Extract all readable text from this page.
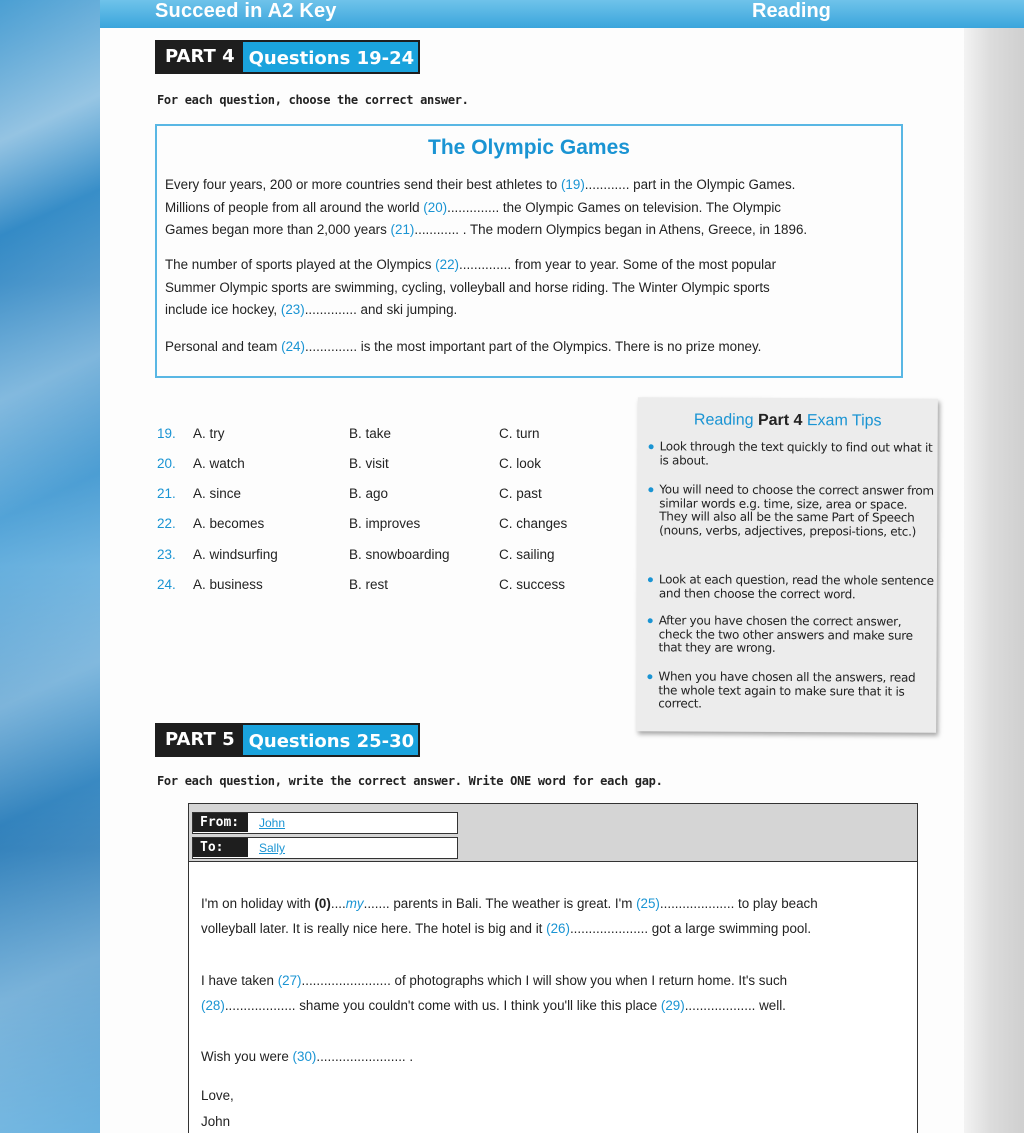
Succeed in A2 Key	Reading
PART 4 Questions 19-24
For each question, choose the correct answer.
The Olympic Games
Every four years, 200 or more countries send their best athletes to (19)............ part in the Olympic Games.
Millions of people from all around the world (20).............. the Olympic Games on television. The Olympic
Games began more than 2,000 years (21)............ . The modern Olympics began in Athens, Greece, in 1896.
The number of sports played at the Olympics (22).............. from year to year. Some of the most popular
Summer Olympic sports are swimming, cycling, volleyball and horse riding. The Winter Olympic sports
include ice hockey, (23).............. and ski jumping.
Personal and team (24).............. is the most important part of the Olympics. There is no prize money.
19. A. try	B. take	C. turn
20. A. watch	B. visit	C. look
21. A. since	B. ago	C. past
22. A. becomes	B. improves	C. changes
23. A. windsurfing	B. snowboarding	C. sailing
24. A. business	B. rest	C. success
Reading Part 4 Exam Tips
Look through the text quickly to find out what it is about.
You will need to choose the correct answer from similar words e.g. time, size, area or space. They will also all be the same Part of Speech (nouns, verbs, adjectives, preposi-tions, etc.)
Look at each question, read the whole sentence and then choose the correct word.
After you have chosen the correct answer, check the two other answers and make sure that they are wrong.
When you have chosen all the answers, read the whole text again to make sure that it is correct.
PART 5 Questions 25-30
For each question, write the correct answer. Write ONE word for each gap.
From:	John
To:	Sally
I'm on holiday with (0)....my....... parents in Bali. The weather is great. I'm (25).................... to play beach
volleyball later. It is really nice here. The hotel is big and it (26)..................... got a large swimming pool.
I have taken (27)........................ of photographs which I will show you when I return home. It's such
(28)................... shame you couldn't come with us. I think you'll like this place (29)................... well.
Wish you were (30)........................ .
Love,
John
